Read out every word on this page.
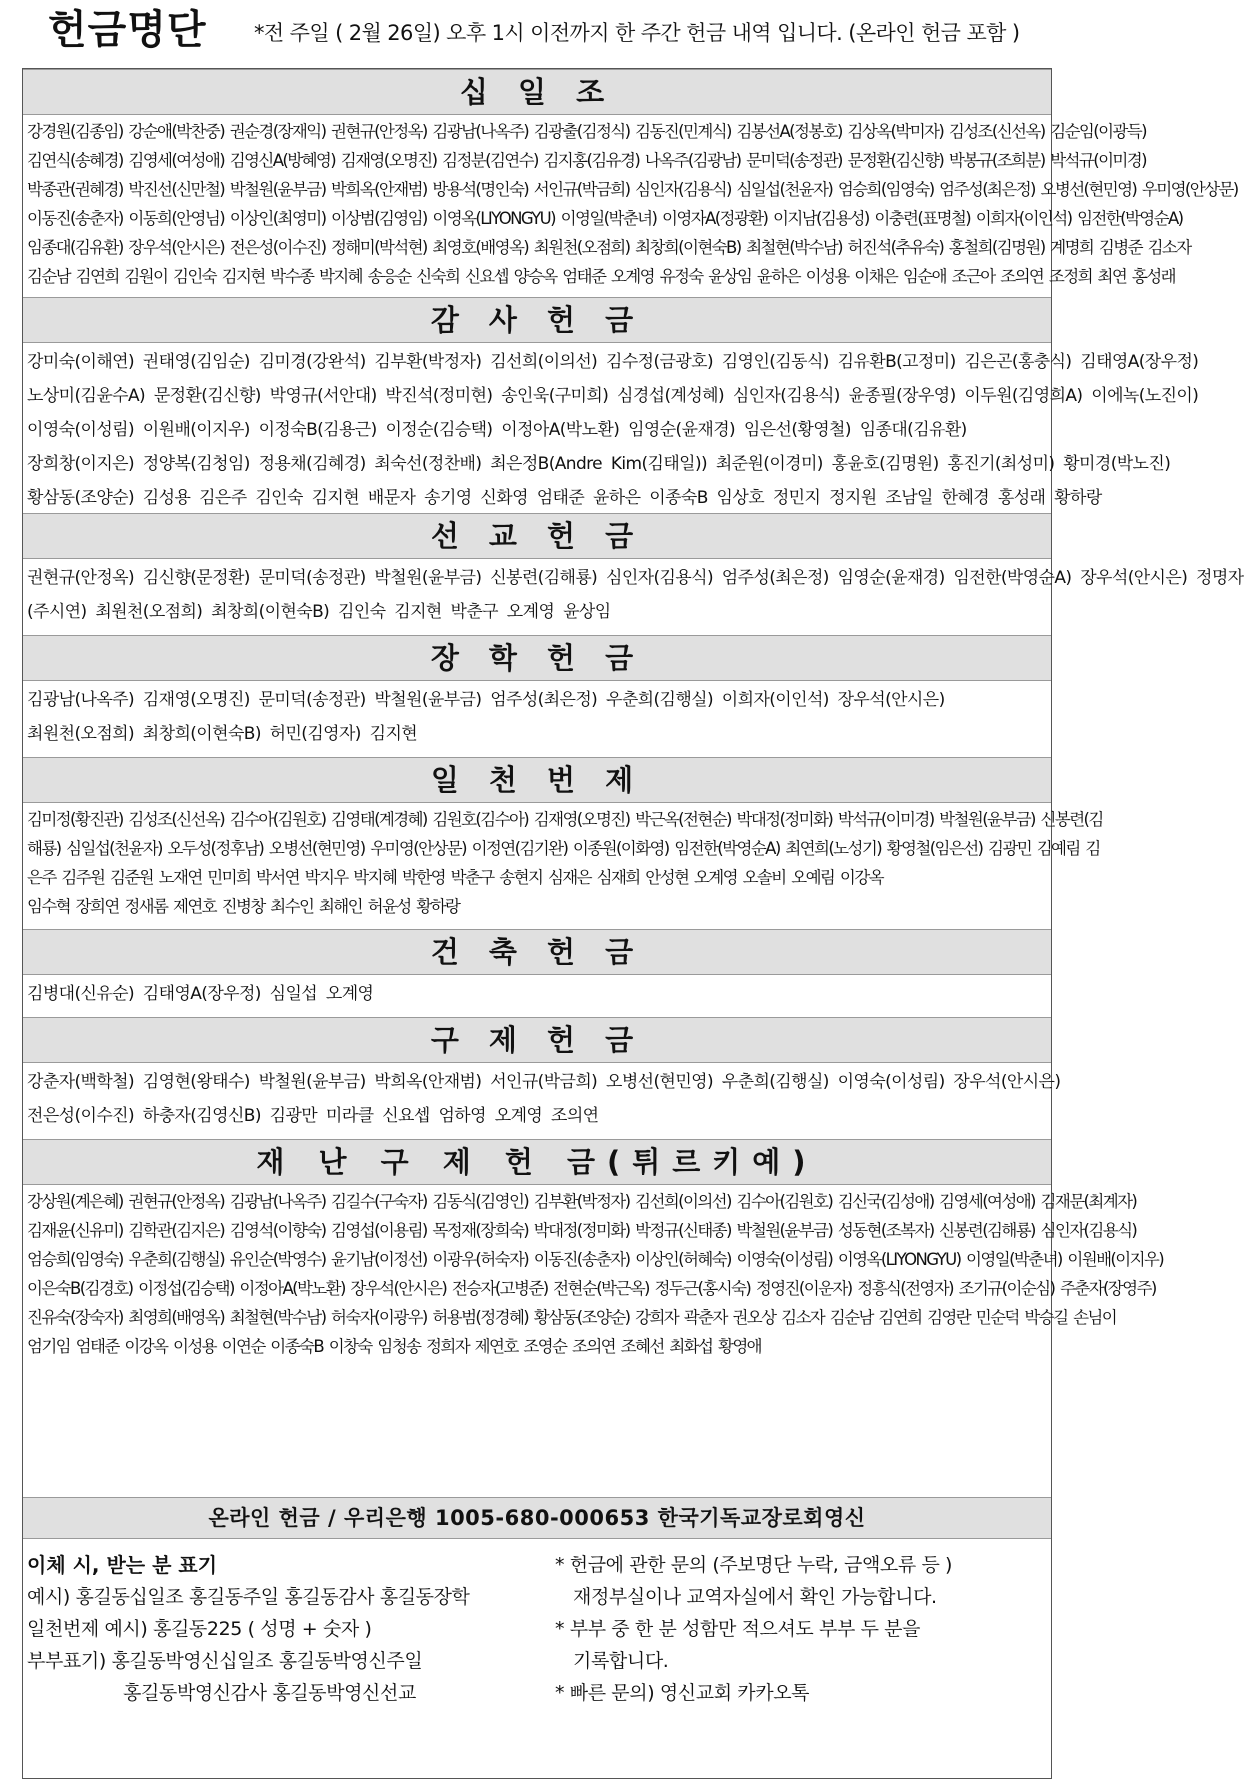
헌금명단 *전 주일 ( 2월 26일) 오후 1시 이전까지 한 주간 헌금 내역 입니다. (온라인 헌금 포함 )
십 일 조
강경원(김종임) 강순애(박찬중) 권순경(장재익) 권현규(안정옥) 김광남(나옥주) 김광출(김정식) 김동진(민계식) 김봉선A(정봉호) 김상옥(박미자) 김성조(신선옥) 김순임(이광득)
김연식(송혜경) 김영세(여성애) 김영신A(방혜영) 김재영(오명진) 김정분(김연수) 김지홍(김유경) 나옥주(김광남) 문미덕(송정관) 문정환(김신향) 박봉규(조희분) 박석규(이미경)
박종관(권혜경) 박진선(신만철) 박철원(윤부금) 박희옥(안재범) 방용석(명인숙) 서인규(박금희) 심인자(김용식) 심일섭(천윤자) 엄승희(임영숙) 엄주성(최은정) 오병선(현민영) 우미영(안상문)
이동진(송춘자) 이동희(안영님) 이상인(최영미) 이상범(김영임) 이영옥(LIYONGYU) 이영일(박춘녀) 이영자A(정광환) 이지남(김용성) 이충련(표명철) 이희자(이인석) 임전한(박영순A)
임종대(김유환) 장우석(안시은) 전은성(이수진) 정해미(박석현) 최영호(배영옥) 최원천(오점희) 최창희(이현숙B) 최철현(박수남) 허진석(추유숙) 홍철희(김명원) 계명희 김병준 김소자
김순남 김연희 김원이 김인숙 김지현 박수종 박지혜 송응순 신숙희 신요셉 양승옥 엄태준 오계영 유정숙 윤상임 윤하은 이성용 이채은 임순애 조근아 조의연 조정희 최연 홍성래
감 사 헌 금
강미숙(이해연) 권태영(김임순) 김미경(강완석) 김부환(박정자) 김선희(이의선) 김수정(금광호) 김영인(김동식) 김유환B(고정미) 김은곤(홍충식) 김태영A(장우정)
노상미(김윤수A) 문정환(김신향) 박영규(서안대) 박진석(정미현) 송인욱(구미희) 심경섭(계성혜) 심인자(김용식) 윤종필(장우영) 이두원(김영희A) 이에녹(노진이)
이영숙(이성림) 이원배(이지우) 이정숙B(김용근) 이정순(김승택) 이정아A(박노환) 임영순(윤재경) 임은선(황영철) 임종대(김유환)
장희창(이지은) 정양복(김청임) 정용채(김혜경) 최숙선(정찬배) 최은정B(Andre Kim(김태일)) 최준원(이경미) 홍윤호(김명원) 홍진기(최성미) 황미경(박노진)
황삼동(조양순) 김성용 김은주 김인숙 김지현 배문자 송기영 신화영 엄태준 윤하은 이종숙B 임상호 정민지 정지원 조남일 한혜경 홍성래 황하랑
선 교 헌 금
권현규(안정옥) 김신향(문정환) 문미덕(송정관) 박철원(윤부금) 신봉련(김해룡) 심인자(김용식) 엄주성(최은정) 임영순(윤재경) 임전한(박영순A) 장우석(안시은) 정명자
(주시연) 최원천(오점희) 최창희(이현숙B) 김인숙 김지현 박춘구 오계영 윤상임
장 학 헌 금
김광남(나옥주) 김재영(오명진) 문미덕(송정관) 박철원(윤부금) 엄주성(최은정) 우춘희(김행실) 이희자(이인석) 장우석(안시은)
최원천(오점희) 최창희(이현숙B) 허민(김영자) 김지현
일 천 번 제
김미정(황진관) 김성조(신선옥) 김수아(김원호) 김영태(계경혜) 김원호(김수아) 김재영(오명진) 박근옥(전현순) 박대정(정미화) 박석규(이미경) 박철원(윤부금) 신봉련(김
해룡) 심일섭(천윤자) 오두성(정후남) 오병선(현민영) 우미영(안상문) 이정연(김기완) 이종원(이화영) 임전한(박영순A) 최연희(노성기) 황영철(임은선) 김광민 김예림 김
은주 김주원 김준원 노재연 민미희 박서연 박지우 박지혜 박한영 박춘구 송현지 심재은 심재희 안성현 오계영 오솔비 오예림 이강옥
임수혁 장희연 정새롬 제연호 진병창 최수인 최해인 허윤성 황하랑
건 축 헌 금
김병대(신유순) 김태영A(장우정) 심일섭 오계영
구 제 헌 금
강춘자(백학철) 김영현(왕태수) 박철원(윤부금) 박희옥(안재범) 서인규(박금희) 오병선(현민영) 우춘희(김행실) 이영숙(이성림) 장우석(안시은)
전은성(이수진) 하충자(김영신B) 김광만 미라클 신요셉 엄하영 오계영 조의연
재 난 구 제 헌 금(튀르키예)
강상원(계은혜) 권현규(안정옥) 김광남(나옥주) 김길수(구숙자) 김동식(김영인) 김부환(박정자) 김선희(이의선) 김수아(김원호) 김신국(김성애) 김영세(여성애) 김재문(최계자)
김재윤(신유미) 김학관(김지은) 김영석(이향숙) 김영섭(이용림) 목정재(장희숙) 박대정(정미화) 박정규(신태종) 박철원(윤부금) 성동현(조복자) 신봉련(김해룡) 심인자(김용식)
엄승희(임영숙) 우춘희(김행실) 유인순(박영수) 윤기남(이정선) 이광우(허숙자) 이동진(송춘자) 이상인(허혜숙) 이영숙(이성림) 이영옥(LIYONGYU) 이영일(박춘녀) 이원배(이지우)
이은숙B(김경호) 이정섭(김승택) 이정아A(박노환) 장우석(안시은) 전승자(고병준) 전현순(박근옥) 정두근(홍시숙) 정영진(이운자) 정흥식(전영자) 조기규(이순심) 주춘자(장영주)
진유숙(장숙자) 최영희(배영옥) 최철현(박수남) 허숙자(이광우) 허용범(정경혜) 황삼동(조양순) 강희자 곽춘자 권오상 김소자 김순남 김연희 김영란 민순덕 박승길 손님이
엄기임 엄태준 이강옥 이성용 이연순 이종숙B 이창숙 임청송 정희자 제연호 조영순 조의연 조혜선 최화섭 황영애
온라인 헌금 / 우리은행 1005-680-000653 한국기독교장로회영신
이체 시, 받는 분 표기
예시) 홍길동십일조 홍길동주일 홍길동감사 홍길동장학
일천번제 예시) 홍길동225 ( 성명 + 숫자 )
부부표기) 홍길동박영신십일조 홍길동박영신주일
홍길동박영신감사 홍길동박영신선교
* 헌금에 관한 문의 (주보명단 누락, 금액오류 등 )
재정부실이나 교역자실에서 확인 가능합니다.
* 부부 중 한 분 성함만 적으셔도 부부 두 분을
기록합니다.
* 빠른 문의) 영신교회 카카오톡
